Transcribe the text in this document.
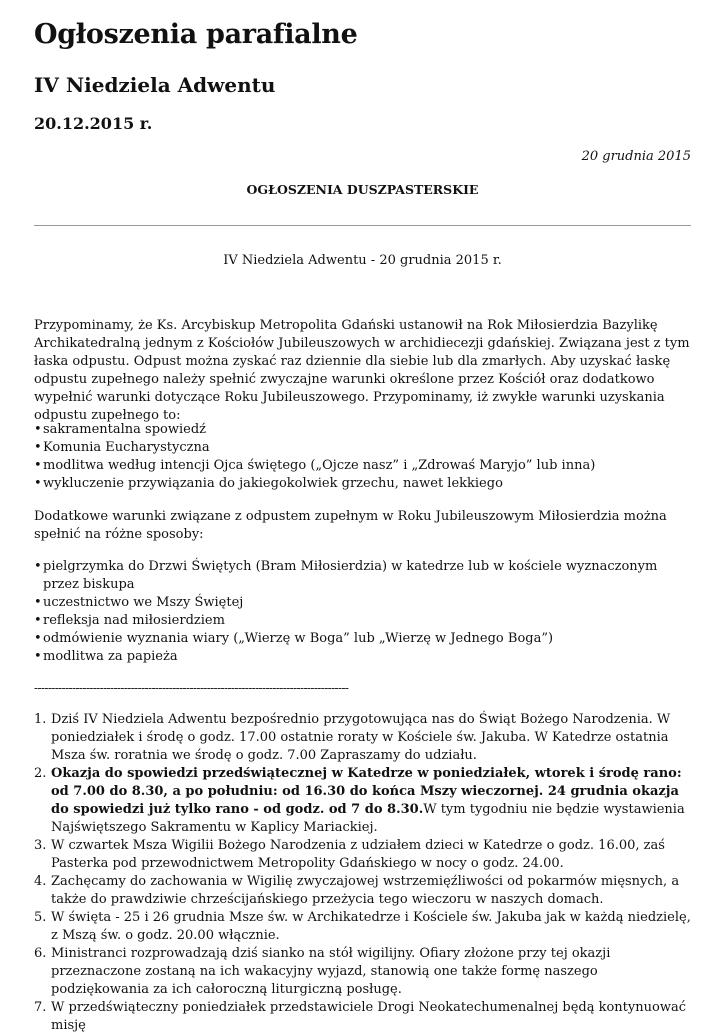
Ogłoszenia parafialne
IV Niedziela Adwentu
20.12.2015 r.
20 grudnia 2015
OGŁOSZENIA DUSZPASTERSKIE
IV Niedziela Adwentu - 20 grudnia 2015 r.

Przypominamy, że Ks. Arcybiskup Metropolita Gdański ustanowił na Rok Miłosierdzia Bazylikę Archikatedralną jednym z Kościołów Jubileuszowych w archidiecezji gdańskiej. Związana jest z tym łaska odpustu. Odpust można zyskać raz dziennie dla siebie lub dla zmarłych. Aby uzyskać łaskę odpustu zupełnego należy spełnić zwyczajne warunki określone przez Kościół oraz dodatkowo wypełnić warunki dotyczące Roku Jubileuszowego. Przypominamy, iż zwykłe warunki uzyskania odpustu zupełnego to:

• sakramentalna spowiedź
• Komunia Eucharystyczna
• modlitwa według intencji Ojca świętego („Ojcze nasz” i „Zdrowaś Maryjo” lub inna)
• wykluczenie przywiązania do jakiegokolwiek grzechu, nawet lekkiego

Dodatkowe warunki związane z odpustem zupełnym w Roku Jubileuszowym Miłosierdzia można spełnić na różne sposoby:

• pielgrzymka do Drzwi Świętych (Bram Miłosierdzia) w katedrze lub w kościele wyznaczonym przez biskupa
• uczestnictwo we Mszy Świętej
• refleksja nad miłosierdziem
• odmówienie wyznania wiary („Wierzę w Boga” lub „Wierzę w Jednego Boga”)
• modlitwa za papieża
-------------------------------------------------------------------------------------------
1. Dziś IV Niedziela Adwentu bezpośrednio przygotowująca nas do Świąt Bożego Narodzenia. W poniedziałek i środę o godz. 17.00 ostatnie roraty w Kościele św. Jakuba. W Katedrze ostatnia Msza św. roratnia we środę o godz. 7.00 Zapraszamy do udziału.
2. Okazja do spowiedzi przedświątecznej w Katedrze w poniedziałek, wtorek i środę rano: od 7.00 do 8.30, a po południu: od 16.30 do końca Mszy wieczornej. 24 grudnia okazja do spowiedzi już tylko rano - od godz. od 7 do 8.30.W tym tygodniu nie będzie wystawienia Najświętszego Sakramentu w Kaplicy Mariackiej.
3. W czwartek Msza Wigilii Bożego Narodzenia z udziałem dzieci w Katedrze o godz. 16.00, zaś Pasterka pod przewodnictwem Metropolity Gdańskiego w nocy o godz. 24.00.
4. Zachęcamy do zachowania w Wigilię zwyczajowej wstrzemięźliwości od pokarmów mięsnych, a także do prawdziwie chrześcijańskiego przeżycia tego wieczoru w naszych domach.
5. W święta - 25 i 26 grudnia Msze św. w Archikatedrze i Kościele św. Jakuba jak w każdą niedzielę, z Mszą św. o godz. 20.00 włącznie.
6. Ministranci rozprowadzają dziś sianko na stół wigilijny. Ofiary złożone przy tej okazji przeznaczone zostaną na ich wakacyjny wyjazd, stanowią one także formę naszego podziękowania za ich całoroczną liturgiczną posługę.
7. W przedświąteczny poniedziałek przedstawiciele Drogi Neokatechumenalnej będą kontynuować misję
